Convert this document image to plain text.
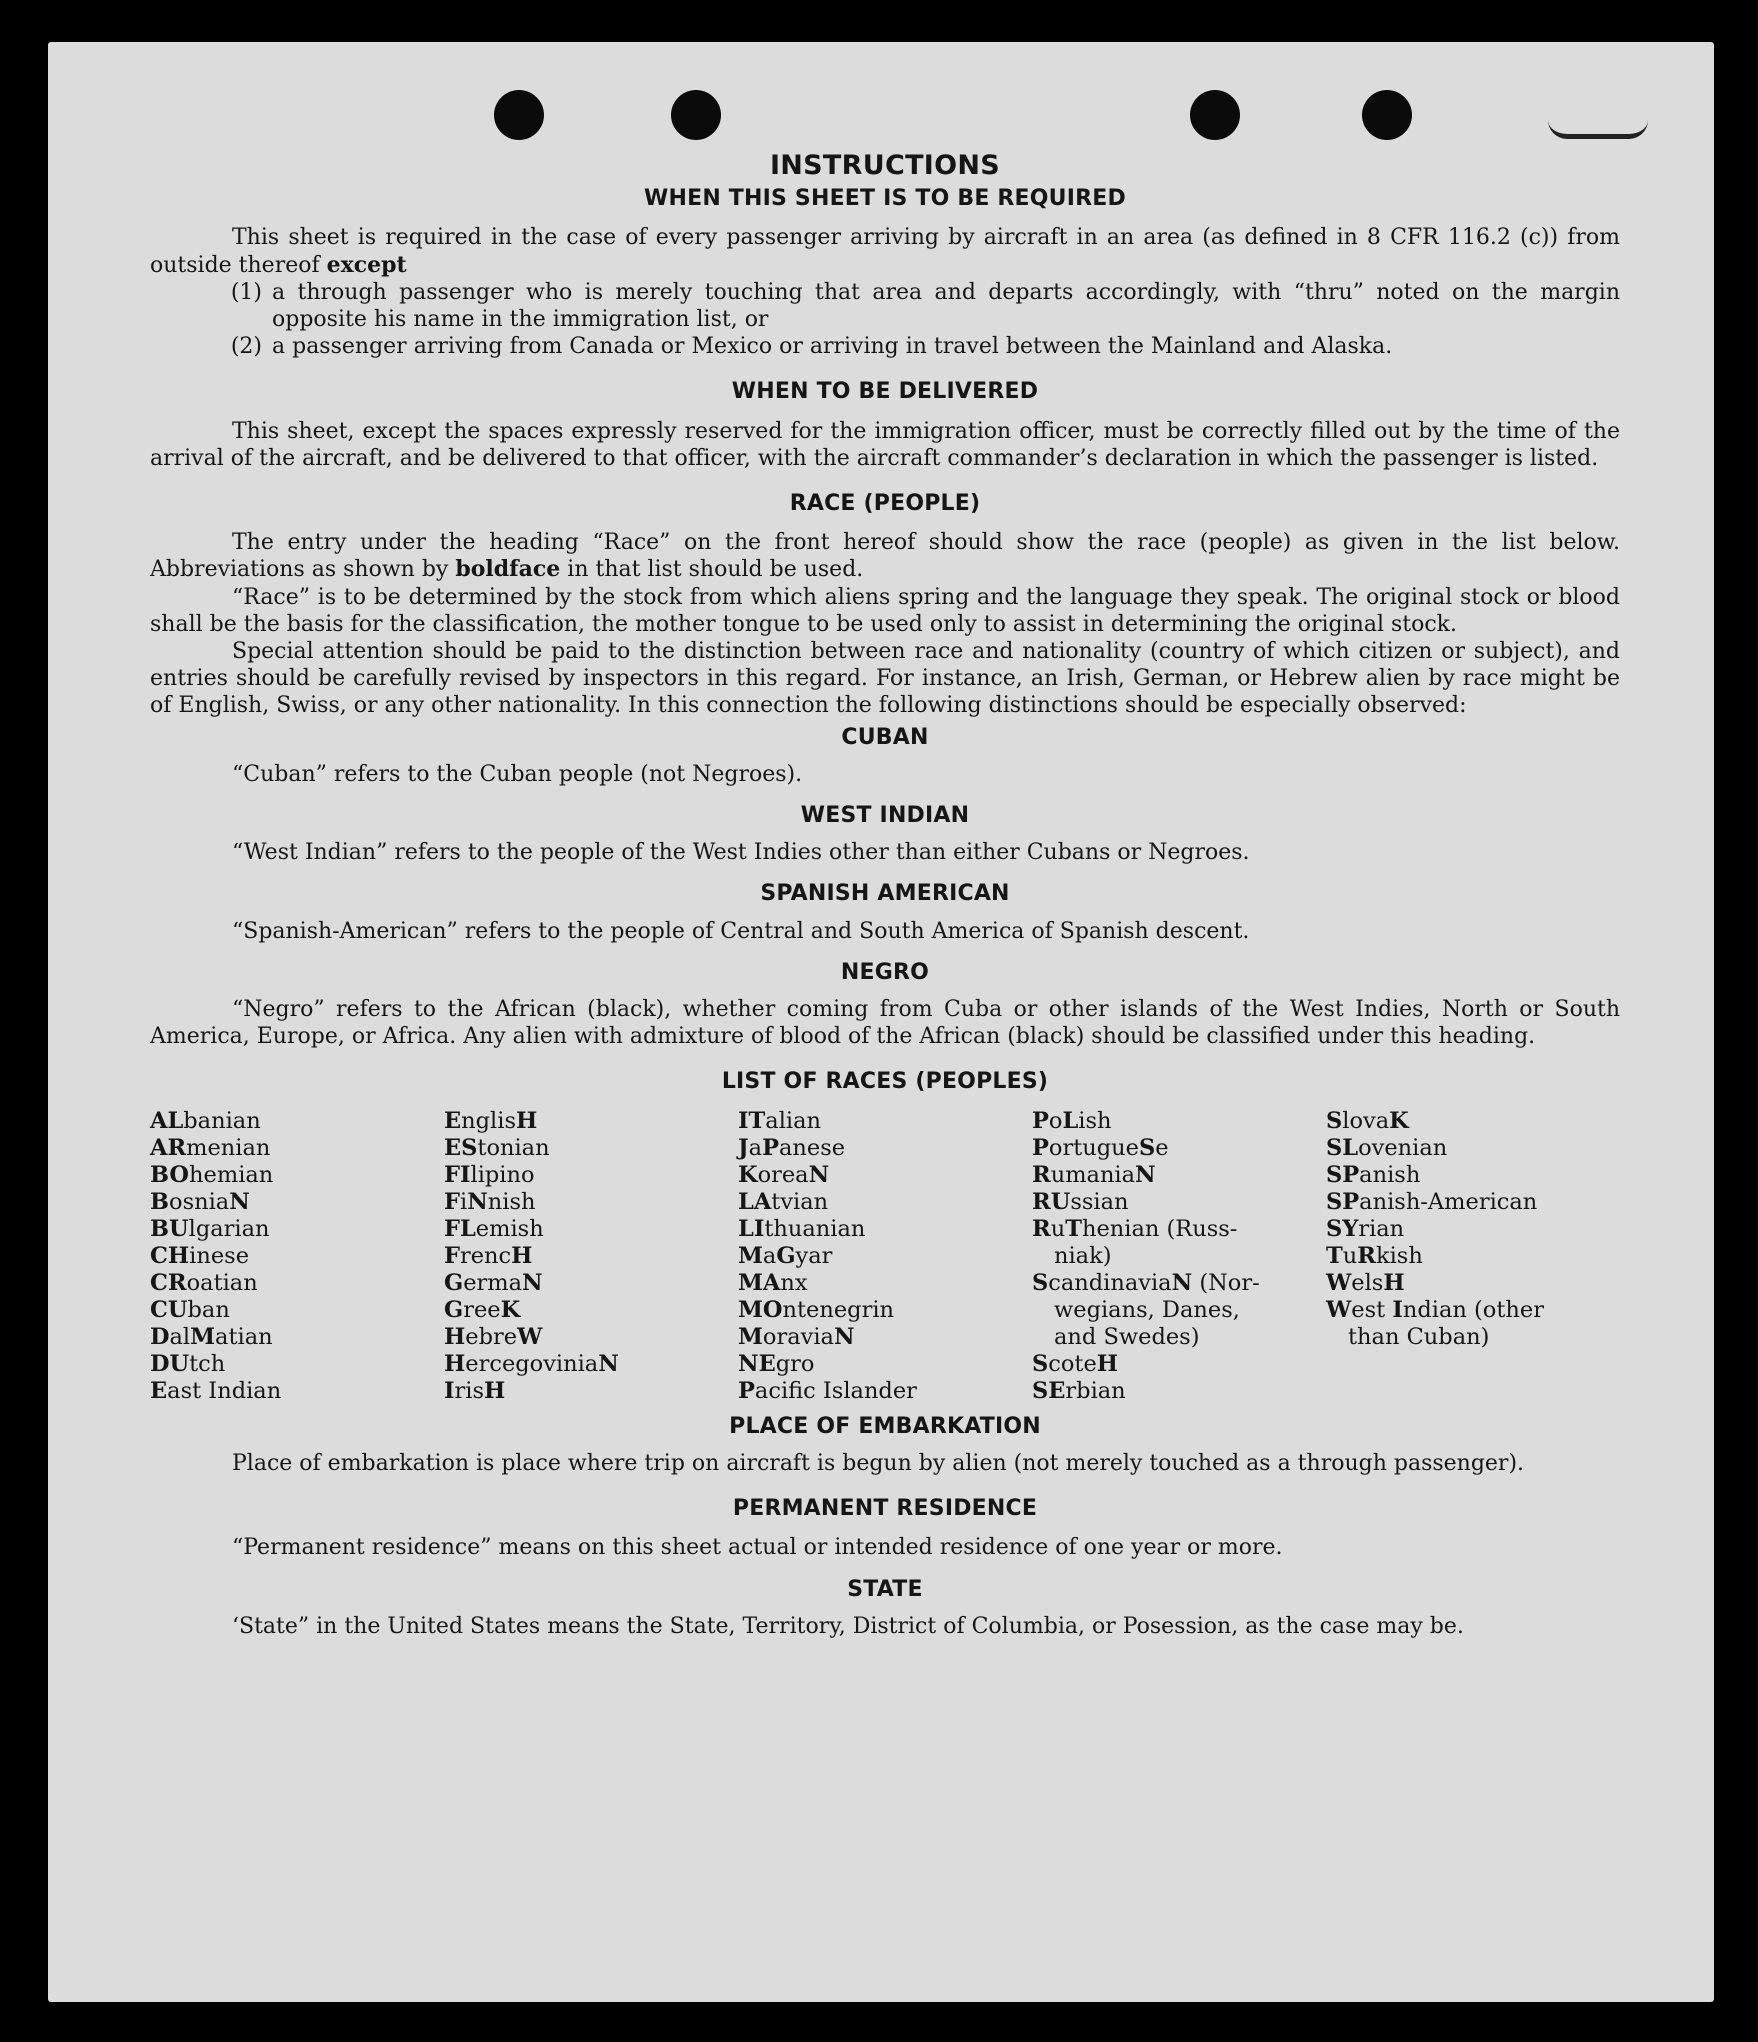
INSTRUCTIONS
WHEN THIS SHEET IS TO BE REQUIRED

This sheet is required in the case of every passenger arriving by aircraft in an area (as defined in 8 CFR 116.2 (c)) from outside thereof except

(1) a through passenger who is merely touching that area and departs accordingly, with “thru” noted on the margin opposite his name in the immigration list, or
(2) a passenger arriving from Canada or Mexico or arriving in travel between the Mainland and Alaska.
WHEN TO BE DELIVERED

This sheet, except the spaces expressly reserved for the immigration officer, must be correctly filled out by the time of the arrival of the aircraft, and be delivered to that officer, with the aircraft commander’s declaration in which the passenger is listed.

RACE (PEOPLE)

The entry under the heading “Race” on the front hereof should show the race (people) as given in the list below. Abbreviations as shown by boldface in that list should be used.

“Race” is to be determined by the stock from which aliens spring and the language they speak. The original stock or blood shall be the basis for the classification, the mother tongue to be used only to assist in determining the original stock.

Special attention should be paid to the distinction between race and nationality (country of which citizen or subject), and entries should be carefully revised by inspectors in this regard. For instance, an Irish, German, or Hebrew alien by race might be of English, Swiss, or any other nationality. In this connection the following distinctions should be especially observed:

CUBAN

“Cuban” refers to the Cuban people (not Negroes).

WEST INDIAN

“West Indian” refers to the people of the West Indies other than either Cubans or Negroes.

SPANISH AMERICAN

“Spanish-American” refers to the people of Central and South America of Spanish descent.

NEGRO

“Negro” refers to the African (black), whether coming from Cuba or other islands of the West Indies, North or South America, Europe, or Africa. Any alien with admixture of blood of the African (black) should be classified under this heading.

LIST OF RACES (PEOPLES)
ALbanian
ARmenian
BOhemian
BosniaN
BUlgarian
CHinese
CRoatian
CUban
DalMatian
DUtch
East Indian
EnglisH
EStonian
FIlipino
FiNnish
FLemish
FrencH
GermaN
GreeK
HebreW
HercegoviniaN
IrisH
ITalian
JaPanese
KoreaN
LAtvian
LIthuanian
MaGyar
MAnx
MOntenegrin
MoraviaN
NEgro
Pacific Islander
PoLish
PortugueSe
RumaniaN
RUssian
RuThenian (Russ-
niak)
ScandinaviaN (Nor-
wegians, Danes,
and Swedes)
ScoteH
SErbian
SlovaK
SLovenian
SPanish
SPanish-American
SYrian
TuRkish
WelsH
West Indian (other
than Cuban)
PLACE OF EMBARKATION

Place of embarkation is place where trip on aircraft is begun by alien (not merely touched as a through passenger).

PERMANENT RESIDENCE

“Permanent residence” means on this sheet actual or intended residence of one year or more.

STATE

‘State” in the United States means the State, Territory, District of Columbia, or Posession, as the case may be.
